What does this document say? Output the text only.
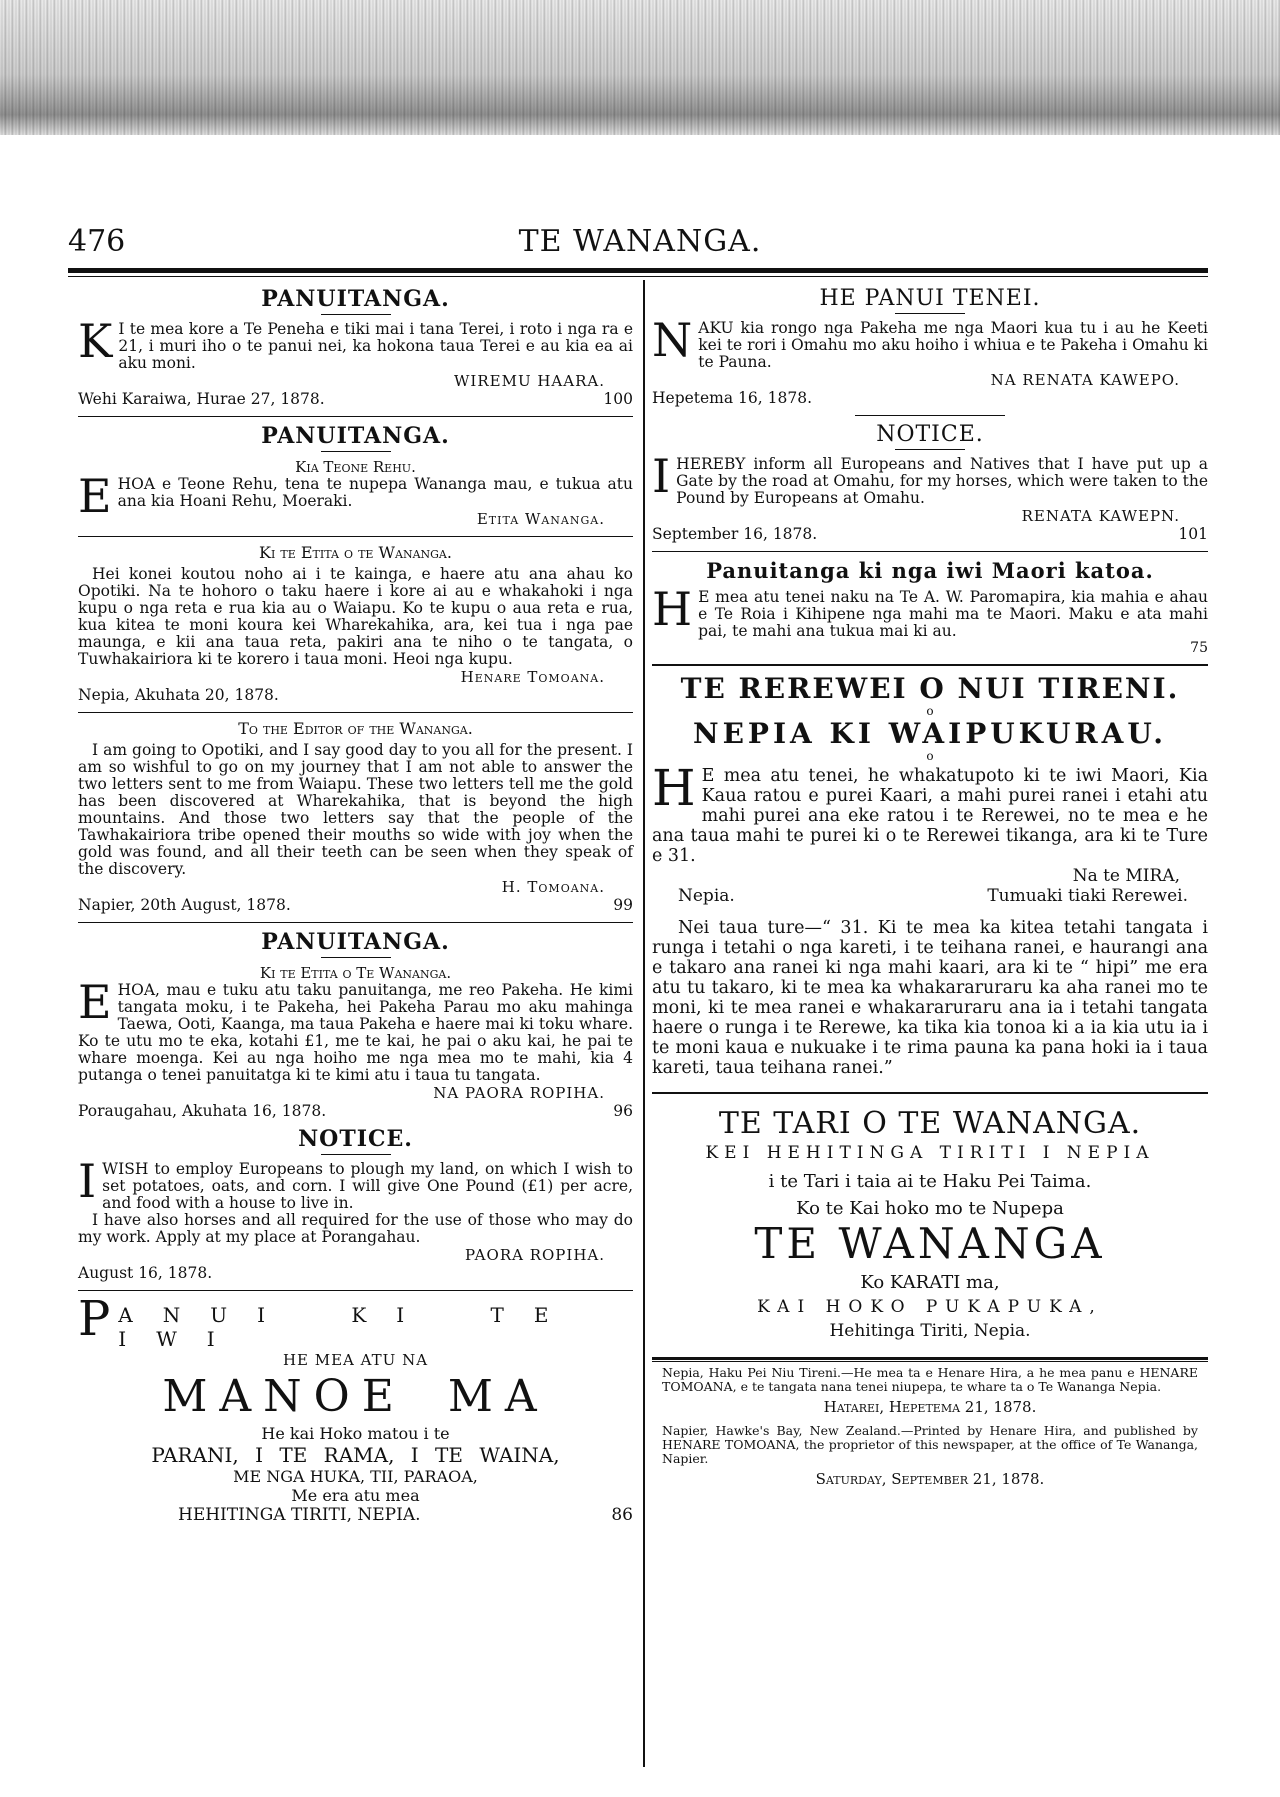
476	TE WANANGA.
PANUITANGA.
K I te mea kore a Te Peneha e tiki mai i tana Terei, i roto i nga ra e 21, i muri iho o te panui nei, ka hokona taua Terei e au kia ea ai aku moni.
WIREMU HAARA.
Wehi Karaiwa, Hurae 27, 1878.	100
PANUITANGA.
Kia Teone Rehu.
EHOA e Teone Rehu, tena te nupepa Wananga mau, e tukua atu ana kia Hoani Rehu, Moeraki.
Etita Wananga.
Ki te Etita o te Wananga.
Hei konei koutou noho ai i te kainga, e haere atu ana ahau ko Opotiki. Na te hohoro o taku haere i kore ai au e whakahoki i nga kupu o nga reta e rua kia au o Waiapu. Ko te kupu o aua reta e rua, kua kitea te moni koura kei Wharekahika, ara, kei tua i nga pae maunga, e kii ana taua reta, pakiri ana te niho o te tangata, o Tuwhakairiora ki te korero i taua moni. Heoi nga kupu.
Henare Tomoana.
Nepia, Akuhata 20, 1878.
To the Editor of the Wananga.
I am going to Opotiki, and I say good day to you all for the present. I am so wishful to go on my journey that I am not able to answer the two letters sent to me from Waiapu. These two letters tell me the gold has been discovered at Wharekahika, that is beyond the high mountains. And those two letters say that the people of the Tawhakairiora tribe opened their mouths so wide with joy when the gold was found, and all their teeth can be seen when they speak of the discovery.
H. Tomoana.
Napier, 20th August, 1878.	99
PANUITANGA.
Ki te Etita o Te Wananga.
EHOA, mau e tuku atu taku panuitanga, me reo Pakeha. He kimi tangata moku, i te Pakeha, hei Pakeha Parau mo aku mahinga Taewa, Ooti, Kaanga, ma taua Pakeha e haere mai ki toku whare. Ko te utu mo te eka, kotahi £1, me te kai, he pai o aku kai, he pai te whare moenga. Kei au nga hoiho me nga mea mo te mahi, kia 4 putanga o tenei panuitatga ki te kimi atu i taua tu tangata.
NA PAORA ROPIHA.
Poraugahau, Akuhata 16, 1878.	96
NOTICE.
IWISH to employ Europeans to plough my land, on which I wish to set potatoes, oats, and corn. I will give One Pound (£1) per acre, and food with a house to live in.
I have also horses and all required for the use of those who may do my work. Apply at my place at Porangahau.
PAORA ROPIHA.
August 16, 1878.
P ANUI KI TE IWI
HE MEA ATU NA
MANOE MA
He kai Hoko matou i te
PARANI, I TE RAMA, I TE WAINA,
ME NGA HUKA, TII, PARAOA,
Me era atu mea
HEHITINGA TIRITI, NEPIA.	86
HE PANUI TENEI.
NAKU kia rongo nga Pakeha me nga Maori kua tu i au he Keeti kei te rori i Omahu mo aku hoiho i whiua e te Pakeha i Omahu ki te Pauna.
NA RENATA KAWEPO.
Hepetema 16, 1878.
NOTICE.
IHEREBY inform all Europeans and Natives that I have put up a Gate by the road at Omahu, for my horses, which were taken to the Pound by Europeans at Omahu.
RENATA KAWEPN.
September 16, 1878.	101
Panuitanga ki nga iwi Maori katoa.
H E mea atu tenei naku na Te A. W. Paromapira, kia mahia e ahau e Te Roia i Kihipene nga mahi ma te Maori. Maku e ata mahi pai, te mahi ana tukua mai ki au.
75
TE REREWEI O NUI TIRENI.
o
NEPIA KI WAIPUKURAU.
o
H E mea atu tenei, he whakatupoto ki te iwi Maori, Kia Kaua ratou e purei Kaari, a mahi purei ranei i etahi atu mahi purei ana eke ratou i te Rerewei, no te mea e he ana taua mahi te purei ki o te Rerewei tikanga, ara ki te Ture e 31.
Na te MIRA,
Nepia.	Tumuaki tiaki Rerewei.
Nei taua ture—“ 31. Ki te mea ka kitea tetahi tangata i runga i tetahi o nga kareti, i te teihana ranei, e haurangi ana e takaro ana ranei ki nga mahi kaari, ara ki te “ hipi” me era atu tu takaro, ki te mea ka whakararuraru ka aha ranei mo te moni, ki te mea ranei e whakararuraru ana ia i tetahi tangata haere o runga i te Rerewe, ka tika kia tonoa ki a ia kia utu ia i te moni kaua e nukuake i te rima pauna ka pana hoki ia i taua kareti, taua teihana ranei.”
TE TARI O TE WANANGA.
KEI HEHITINGA TIRITI I NEPIA
i te Tari i taia ai te Haku Pei Taima.
Ko te Kai hoko mo te Nupepa
TE WANANGA
Ko KARATI ma,
KAI HOKO PUKAPUKA,
Hehitinga Tiriti, Nepia.
Nepia, Haku Pei Niu Tireni.—He mea ta e Henare Hira, a he mea panu e HENARE TOMOANA, e te tangata nana tenei niupepa, te whare ta o Te Wananga Nepia.
Hatarei, Hepetema 21, 1878.
Napier, Hawke's Bay, New Zealand.—Printed by Henare Hira, and published by HENARE TOMOANA, the proprietor of this newspaper, at the office of Te Wananga, Napier.
Saturday, September 21, 1878.
